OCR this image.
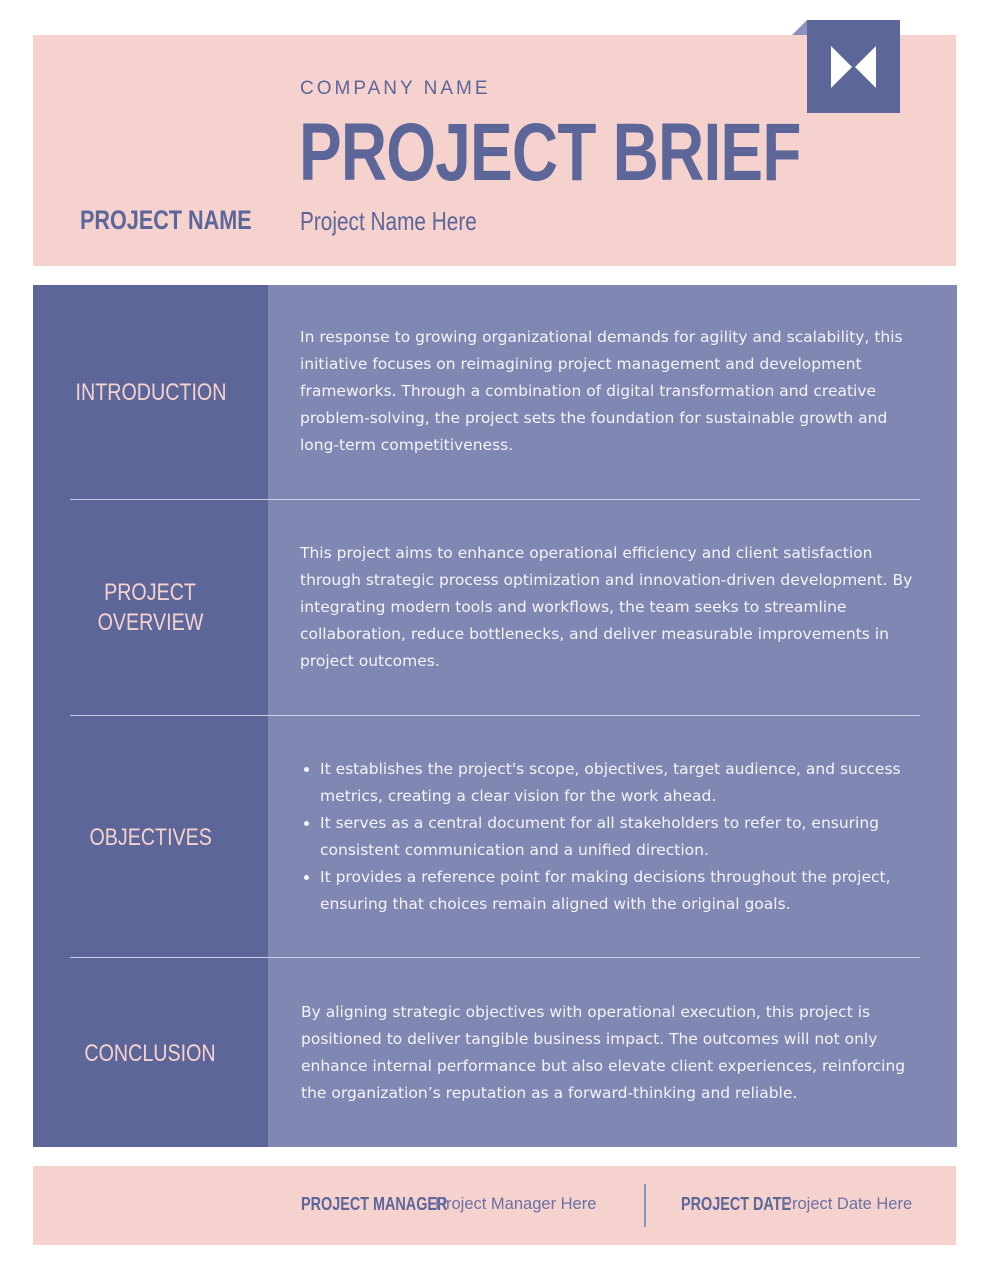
COMPANY NAME
PROJECT BRIEF
PROJECT NAME Project Name Here
INTRODUCTION
In response to growing organizational demands for agility and scalability, this initiative focuses on reimagining project management and development frameworks. Through a combination of digital transformation and creative problem-solving, the project sets the foundation for sustainable growth and long-term competitiveness.
PROJECT
OVERVIEW
This project aims to enhance operational efficiency and client satisfaction through strategic process optimization and innovation-driven development. By integrating modern tools and workflows, the team seeks to streamline collaboration, reduce bottlenecks, and deliver measurable improvements in project outcomes.
OBJECTIVES
• It establishes the project's scope, objectives, target audience, and success metrics, creating a clear vision for the work ahead.
• It serves as a central document for all stakeholders to refer to, ensuring consistent communication and a unified direction.
• It provides a reference point for making decisions throughout the project, ensuring that choices remain aligned with the original goals.
CONCLUSION
By aligning strategic objectives with operational execution, this project is positioned to deliver tangible business impact. The outcomes will not only enhance internal performance but also elevate client experiences, reinforcing the organization’s reputation as a forward-thinking and reliable.
PROJECT MANAGER
Project Manager Here	PROJECT DATE
Project Date Here
